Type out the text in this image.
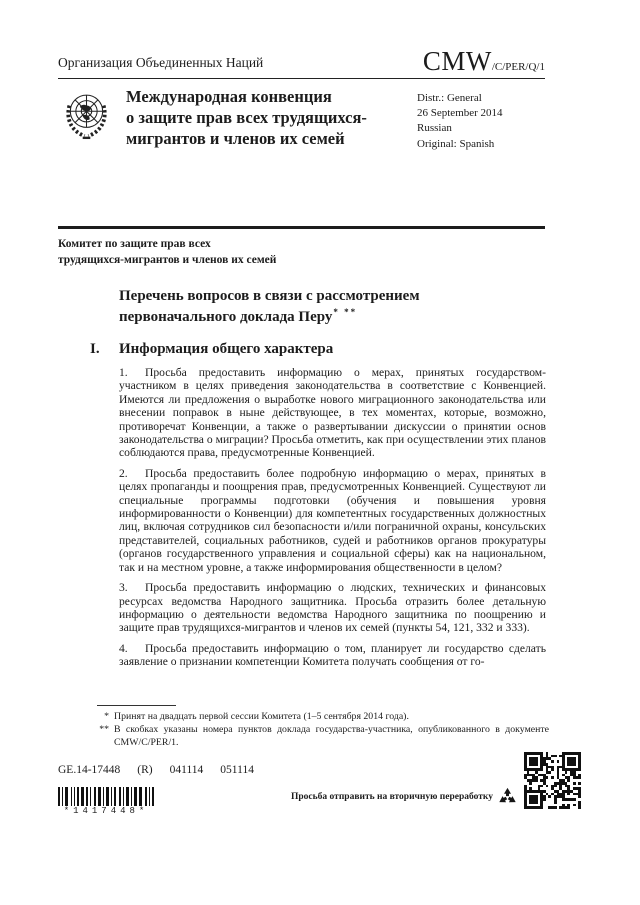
Организация Объединенных Наций	CMW /C/PER/Q/1
Международная конвенция
о защите прав всех трудящихся-
мигрантов и членов их семей
Distr.: General
26 September 2014
Russian
Original: Spanish
Комитет по защите прав всех
трудящихся-мигрантов и членов их семей
Перечень вопросов в связи с рассмотрением
первоначального доклада Перу* **
I. Информация общего характера

1. Просьба предоставить информацию о мерах, принятых государством-участником в целях приведения законодательства в соответствие с Конвенцией. Имеются ли предложения о выработке нового миграционного законодательства или внесении поправок в ныне действующее, в тех моментах, которые, возможно, противоречат Конвенции, а также о развертывании дискуссии о принятии основ законодательства о миграции? Просьба отметить, как при осуществлении этих планов соблюдаются права, предусмотренные Конвенцией.

2. Просьба предоставить более подробную информацию о мерах, принятых в целях пропаганды и поощрения прав, предусмотренных Конвенцией. Существуют ли специальные программы подготовки (обучения и повышения уровня информированности о Конвенции) для компетентных государственных должностных лиц, включая сотрудников сил безопасности и/или пограничной охраны, консульских представителей, социальных работников, судей и работников органов прокуратуры (органов государственного управления и социальной сферы) как на национальном, так и на местном уровне, а также информирования общественности в целом?

3. Просьба предоставить информацию о людских, технических и финансовых ресурсах ведомства Народного защитника. Просьба отразить более детальную информацию о деятельности ведомства Народного защитника по поощрению и защите прав трудящихся-мигрантов и членов их семей (пункты 54, 121, 332 и 333).

4. Просьба предоставить информацию о том, планирует ли государство сделать заявление о признании компетенции Комитета получать сообщения от го-

* Принят на двадцать первой сессии Комитета (1–5 сентября 2014 года).
** В скобках указаны номера пунктов доклада государства-участника, опубликованного в документе CMW/C/PER/1.
GE.14-17448 (R) 041114 051114
*1417448*
Просьба отправить на вторичную переработку
